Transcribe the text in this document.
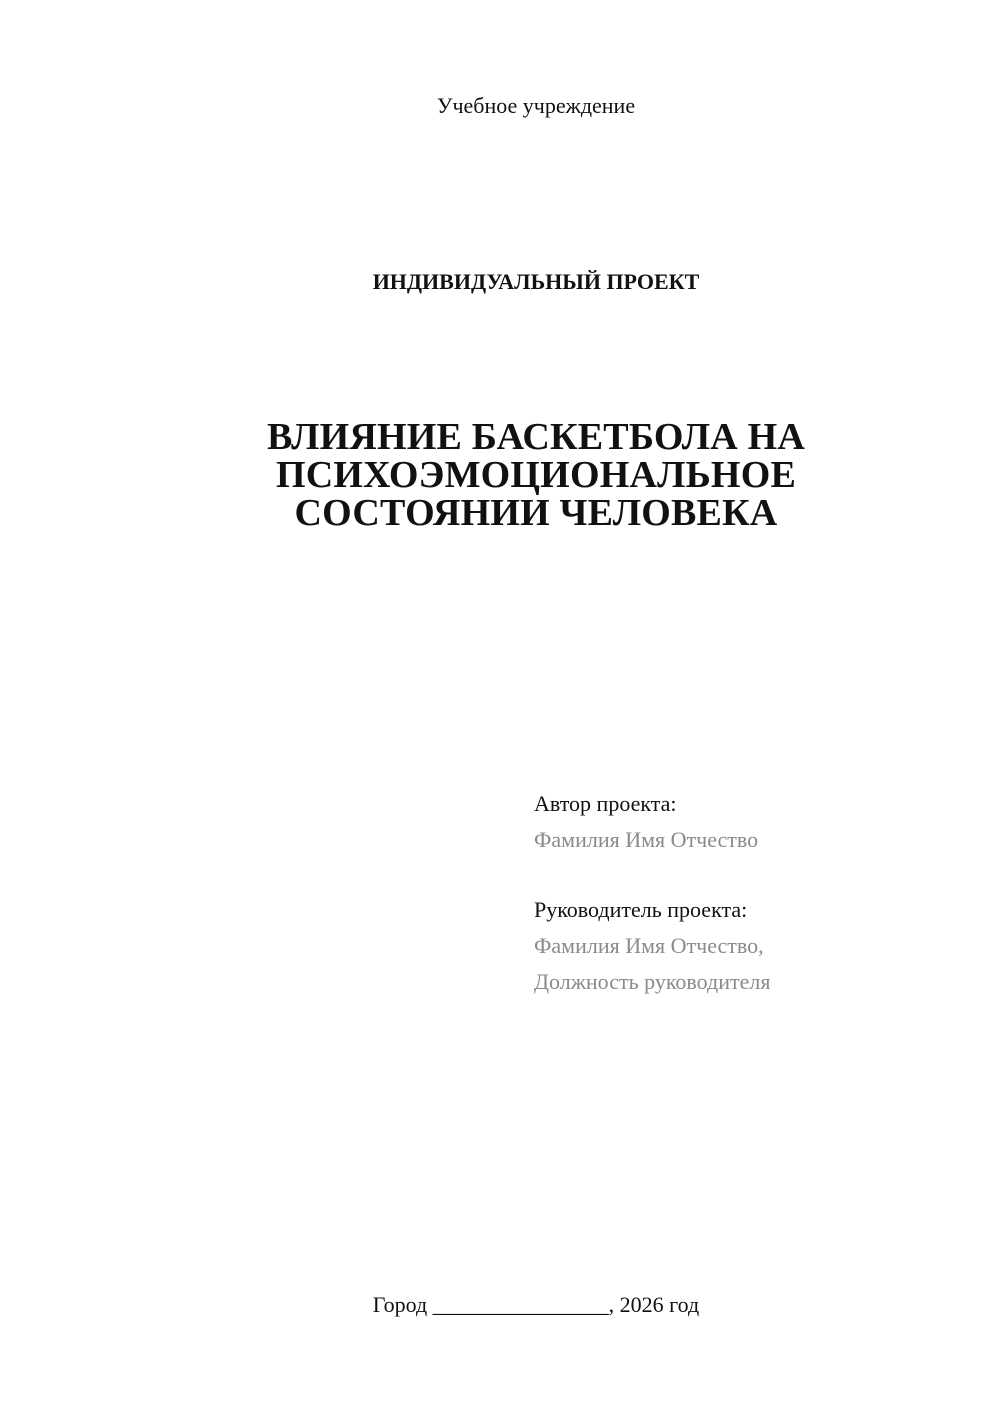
Учебное учреждение
ИНДИВИДУАЛЬНЫЙ ПРОЕКТ
ВЛИЯНИЕ БАСКЕТБОЛА НА
ПСИХОЭМОЦИОНАЛЬНОЕ
СОСТОЯНИИ ЧЕЛОВЕКА
Автор проекта:
Фамилия Имя Отчество
Руководитель проекта:
Фамилия Имя Отчество,
Должность руководителя
Город ________________, 2026 год
